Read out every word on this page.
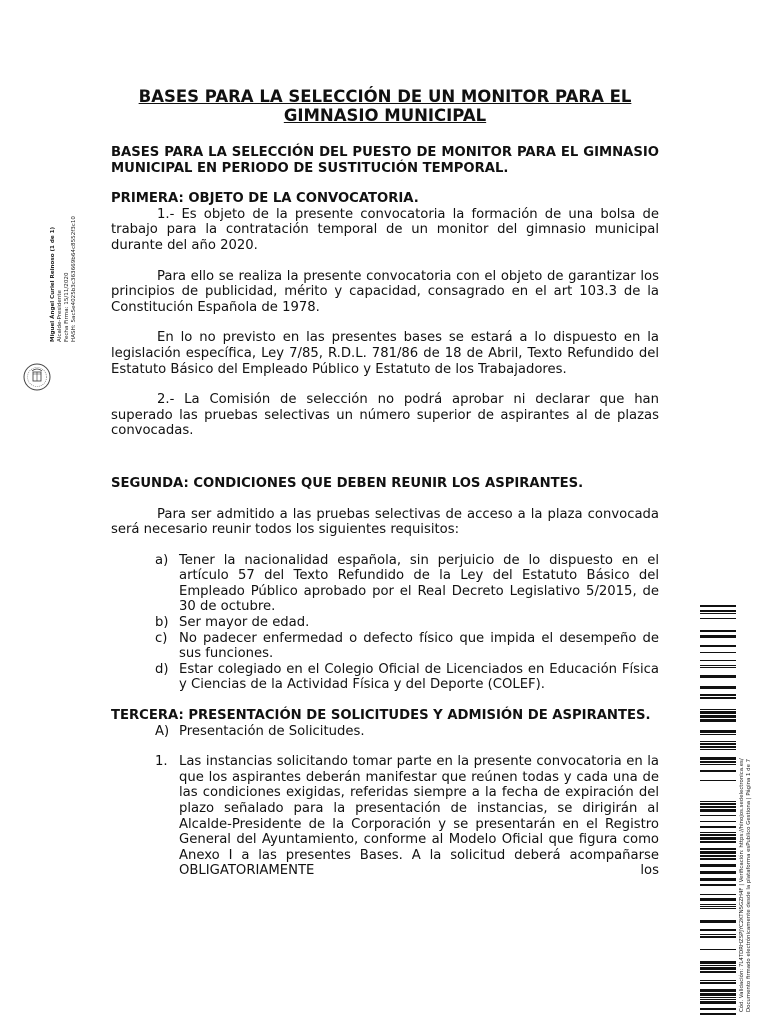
Miguel Ángel Curiel Reinoso (1 de 1) Alcalde-Presidente Fecha Firma: 15/11/2020 HASH: 5ac5e4025b3c363669b64c8552f3c10
Cód. Validación: 7L4TDRHZSPJYC2KTN5GZH4F | Verificación: https://hinojos.sedelectronica.es/ Documento firmado electrónicamente desde la plataforma esPublico Gestiona | Página 1 de 7
BASES PARA LA SELECCIÓN DE UN MONITOR PARA EL GIMNASIO MUNICIPAL

BASES PARA LA SELECCIÓN DEL PUESTO DE MONITOR PARA EL GIMNASIO MUNICIPAL EN PERIODO DE SUSTITUCIÓN TEMPORAL.

PRIMERA: OBJETO DE LA CONVOCATORIA.

1.- Es objeto de la presente convocatoria la formación de una bolsa de trabajo para la contratación temporal de un monitor del gimnasio municipal durante del año 2020.

Para ello se realiza la presente convocatoria con el objeto de garantizar los principios de publicidad, mérito y capacidad, consagrado en el art 103.3 de la Constitución Española de 1978.

En lo no previsto en las presentes bases se estará a lo dispuesto en la legislación específica, Ley 7/85, R.D.L. 781/86 de 18 de Abril, Texto Refundido del Estatuto Básico del Empleado Público y Estatuto de los Trabajadores.

2.- La Comisión de selección no podrá aprobar ni declarar que han superado las pruebas selectivas un número superior de aspirantes al de plazas convocadas.

SEGUNDA: CONDICIONES QUE DEBEN REUNIR LOS ASPIRANTES.

Para ser admitido a las pruebas selectivas de acceso a la plaza convocada será necesario reunir todos los siguientes requisitos:

a) Tener la nacionalidad española, sin perjuicio de lo dispuesto en el artículo 57 del Texto Refundido de la Ley del Estatuto Básico del Empleado Público aprobado por el Real Decreto Legislativo 5/2015, de 30 de octubre.
b) Ser mayor de edad.
c) No padecer enfermedad o defecto físico que impida el desempeño de sus funciones.
d) Estar colegiado en el Colegio Oficial de Licenciados en Educación Física y Ciencias de la Actividad Física y del Deporte (COLEF).

TERCERA: PRESENTACIÓN DE SOLICITUDES Y ADMISIÓN DE ASPIRANTES.

A) Presentación de Solicitudes.
1. Las instancias solicitando tomar parte en la presente convocatoria en la que los aspirantes deberán manifestar que reúnen todas y cada una de las condiciones exigidas, referidas siempre a la fecha de expiración del plazo señalado para la presentación de instancias, se dirigirán al Alcalde-Presidente de la Corporación y se presentarán en el Registro General del Ayuntamiento, conforme al Modelo Oficial que figura como Anexo I a las presentes Bases. A la solicitud deberá acompañarse OBLIGATORIAMENTE los
